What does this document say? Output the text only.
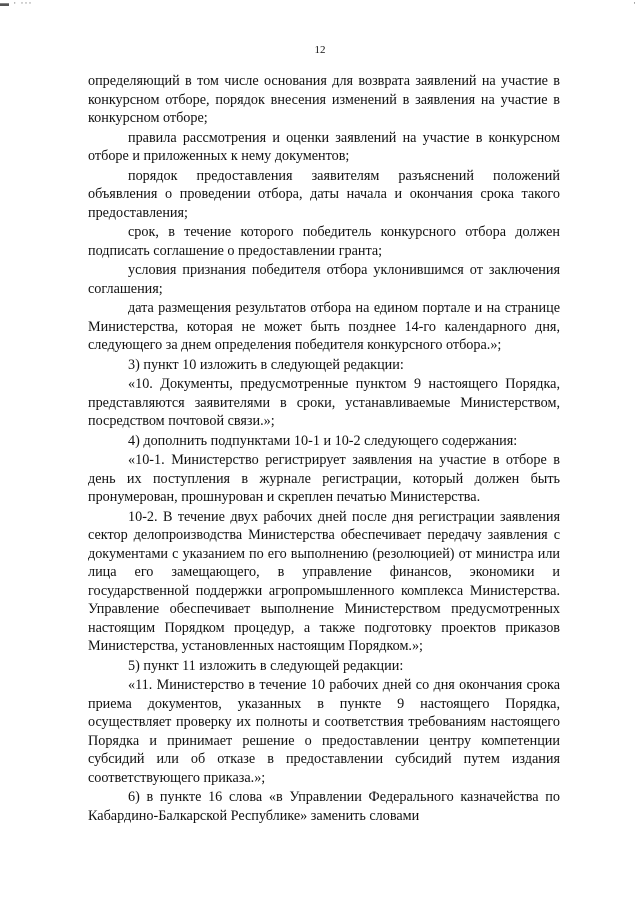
▬ · ···	·
12

определяющий в том числе основания для возврата заявлений на участие в конкурсном отборе, порядок внесения изменений в заявления на участие в конкурсном отборе;

правила рассмотрения и оценки заявлений на участие в конкурсном отборе и приложенных к нему документов;

порядок предоставления заявителям разъяснений положений объявления о проведении отбора, даты начала и окончания срока такого предоставления;

срок, в течение которого победитель конкурсного отбора должен подписать соглашение о предоставлении гранта;

условия признания победителя отбора уклонившимся от заключения соглашения;

дата размещения результатов отбора на едином портале и на странице Министерства, которая не может быть позднее 14-го календарного дня, следующего за днем определения победителя конкурсного отбора.»;

3) пункт 10 изложить в следующей редакции:

«10. Документы, предусмотренные пунктом 9 настоящего Порядка, представляются заявителями в сроки, устанавливаемые Министерством, посредством почтовой связи.»;

4) дополнить подпунктами 10-1 и 10-2 следующего содержания:

«10-1. Министерство регистрирует заявления на участие в отборе в день их поступления в журнале регистрации, который должен быть пронумерован, прошнурован и скреплен печатью Министерства.

10-2. В течение двух рабочих дней после дня регистрации заявления сектор делопроизводства Министерства обеспечивает передачу заявления с документами с указанием по его выполнению (резолюцией) от министра или лица его замещающего, в управление финансов, экономики и государственной поддержки агропромышленного комплекса Министерства. Управление обеспечивает выполнение Министерством предусмотренных настоящим Порядком процедур, а также подготовку проектов приказов Министерства, установленных настоящим Порядком.»;

5) пункт 11 изложить в следующей редакции:

«11. Министерство в течение 10 рабочих дней со дня окончания срока приема документов, указанных в пункте 9 настоящего Порядка, осуществляет проверку их полноты и соответствия требованиям настоящего Порядка и принимает решение о предоставлении центру компетенции субсидий или об отказе в предоставлении субсидий путем издания соответствующего приказа.»;

6) в пункте 16 слова «в Управлении Федерального казначейства по Кабардино-Балкарской Республике» заменить словами
